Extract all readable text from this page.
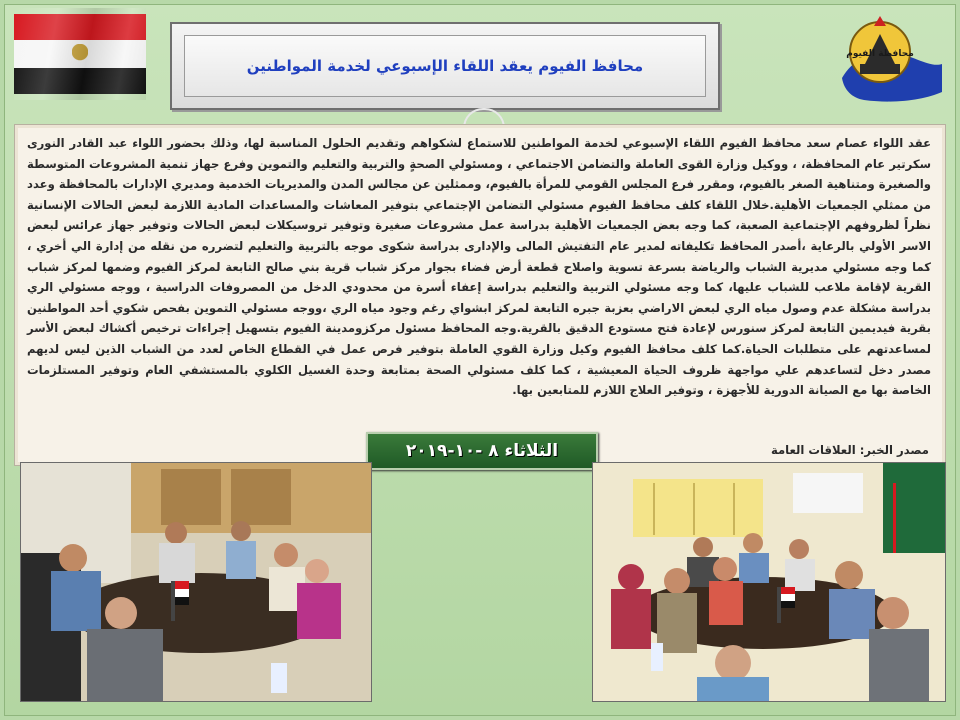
محافظ الفيوم يعقد اللقاء الإسبوعي لخدمة المواطنين
محافظة الفيوم
عقد اللواء عصام سعد محافظ الفيوم اللقاء الإسبوعي لخدمة المواطنين للاستماع لشكواهم وتقديم الحلول المناسبة لها، وذلك بحضور اللواء عبد القادر النورى سكرتير عام المحافظة، ، ووكيل وزارة القوى العاملة والتضامن الاجتماعي ، ومسئولي الصحةٍ والتربية والتعليم والتموين وفرع جهاز تنمية المشروعات المتوسطة والصغيرة ومتناهية الصغر بالفيوم، ومقرر فرع المجلس القومي للمرأة بالفيوم، وممثلين عن مجالس المدن والمديريات الخدمية ومديري الإدارات بالمحافظة وعدد من ممثلي الجمعيات الأهلية.خلال اللقاء كلف محافظ الفيوم مسئولي التضامن الإجتماعي بتوفير المعاشات والمساعدات المادية اللازمة لبعض الحالات الإنسانية نظراً لظروفهم الإجتماعية الصعبة، كما وجه بعض الجمعيات الأهلية بدراسة عمل مشروعات صغيرة وتوفير تروسيكلات لبعض الحالات وتوفير جهاز عرائس لبعض الاسر الأولي بالرعاية ،أصدر المحافظ تكليفاته لمدير عام التفتيش المالى والإدارى بدراسة شكوى موجه بالتربية والتعليم لتضرره من نقله من إدارة الي أخري ، كما وجه مسئولي مديرية الشباب والرياضة بسرعة تسوية واصلاح قطعة أرض فضاء بجوار مركز شباب قرية بني صالح التابعة لمركز الفيوم وضمها لمركز شباب القرية لإقامة ملاعب للشباب عليها، كما وجه مسئولي التربية والتعليم بدراسة إعفاء أسرة من محدودي الدخل من المصروفات الدراسية ، ووجه مسئولي الري بدراسة مشكلة عدم وصول مياه الري لبعض الاراضي بعزبة جبره التابعة لمركز ابشواي رغم وجود مياه الري ،ووجه مسئولي التموين بفحص شكوي أحد المواطنين بقرية فيديمين التابعة لمركز سنورس لإعادة فتح مستودع الدقيق بالقرية.وجه المحافظ مسئول مركزومدينة الفيوم بتسهيل إجراءات ترخيص أكشاك لبعض الأسر لمساعدتهم على متطلبات الحياة.كما كلف محافظ الفيوم وكيل وزارة القوي العاملة بتوفير فرص عمل في القطاع الخاص لعدد من الشباب الذين ليس لديهم مصدر دخل لتساعدهم علي مواجهة ظروف الحياة المعيشية ، كما كلف مسئولي الصحة بمتابعة وحدة الغسيل الكلوي بالمستشفي العام وتوفير المستلزمات الخاصة بها مع الصيانة الدورية للأجهزة ، وتوفير العلاج اللازم للمتابعين بها.
مصدر الخبر: العلاقات العامة
الثلاثاء ٨ -١٠-٢٠١٩
